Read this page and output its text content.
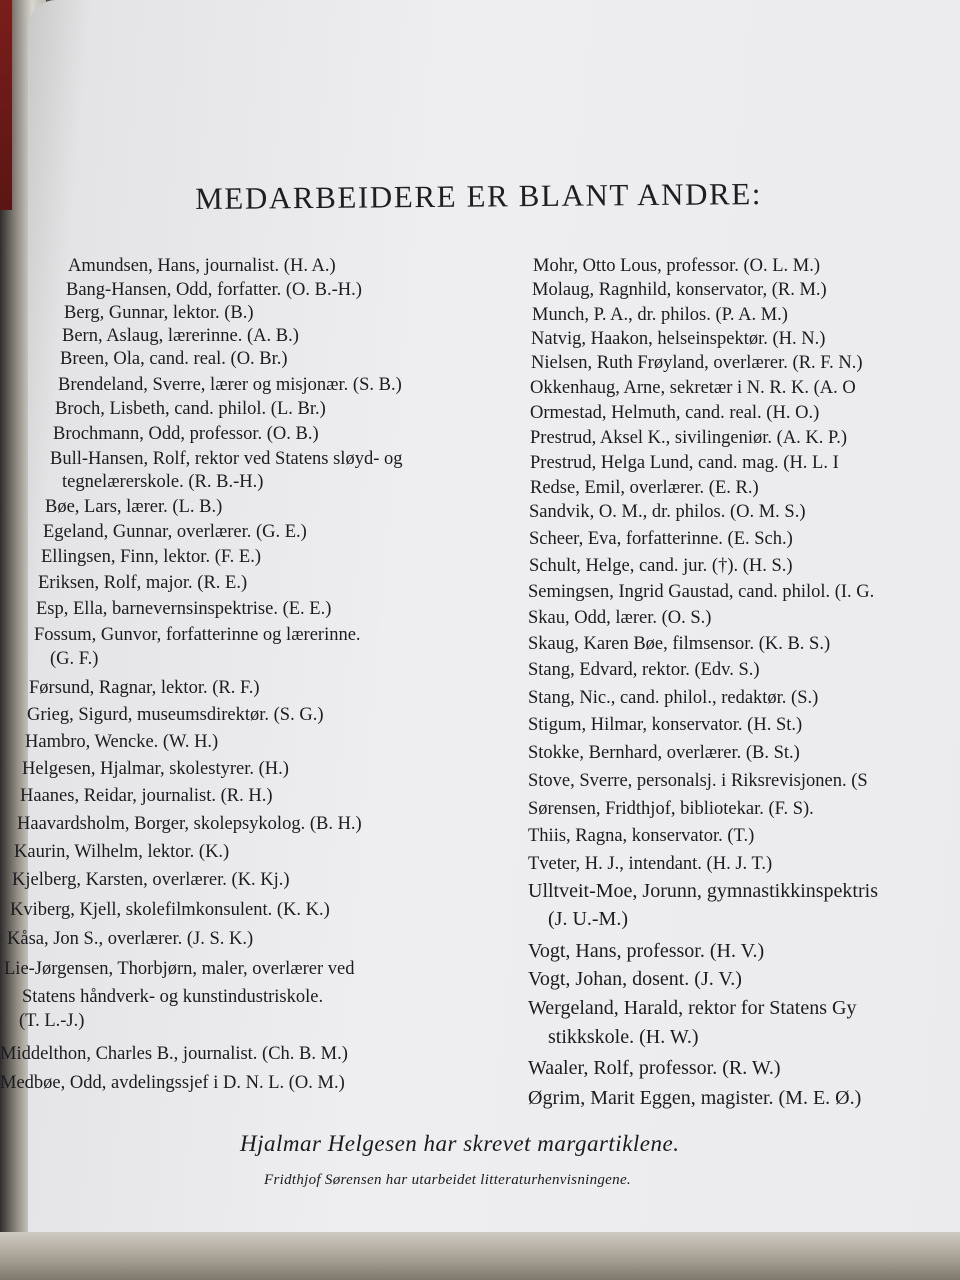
MEDARBEIDERE ER BLANT ANDRE:
Amundsen, Hans, journalist. (H. A.)
Bang-Hansen, Odd, forfatter. (O. B.-H.)
Berg, Gunnar, lektor. (B.)
Bern, Aslaug, lærerinne. (A. B.)
Breen, Ola, cand. real. (O. Br.)
Brendeland, Sverre, lærer og misjonær. (S. B.)
Broch, Lisbeth, cand. philol. (L. Br.)
Brochmann, Odd, professor. (O. B.)
Bull-Hansen, Rolf, rektor ved Statens sløyd- og
tegnelærerskole. (R. B.-H.)
Bøe, Lars, lærer. (L. B.)
Egeland, Gunnar, overlærer. (G. E.)
Ellingsen, Finn, lektor. (F. E.)
Eriksen, Rolf, major. (R. E.)
Esp, Ella, barnevernsinspektrise. (E. E.)
Fossum, Gunvor, forfatterinne og lærerinne.
(G. F.)
Førsund, Ragnar, lektor. (R. F.)
Grieg, Sigurd, museumsdirektør. (S. G.)
Hambro, Wencke. (W. H.)
Helgesen, Hjalmar, skolestyrer. (H.)
Haanes, Reidar, journalist. (R. H.)
Haavardsholm, Borger, skolepsykolog. (B. H.)
Kaurin, Wilhelm, lektor. (K.)
Kjelberg, Karsten, overlærer. (K. Kj.)
Kviberg, Kjell, skolefilmkonsulent. (K. K.)
Kåsa, Jon S., overlærer. (J. S. K.)
Lie-Jørgensen, Thorbjørn, maler, overlærer ved
Statens håndverk- og kunstindustriskole.
(T. L.-J.)
Middelthon, Charles B., journalist. (Ch. B. M.)
Medbøe, Odd, avdelingssjef i D. N. L. (O. M.)
Mohr, Otto Lous, professor. (O. L. M.)
Molaug, Ragnhild, konservator, (R. M.)
Munch, P. A., dr. philos. (P. A. M.)
Natvig, Haakon, helseinspektør. (H. N.)
Nielsen, Ruth Frøyland, overlærer. (R. F. N.)
Okkenhaug, Arne, sekretær i N. R. K. (A. O
Ormestad, Helmuth, cand. real. (H. O.)
Prestrud, Aksel K., sivilingeniør. (A. K. P.)
Prestrud, Helga Lund, cand. mag. (H. L. I
Redse, Emil, overlærer. (E. R.)
Sandvik, O. M., dr. philos. (O. M. S.)
Scheer, Eva, forfatterinne. (E. Sch.)
Schult, Helge, cand. jur. (†). (H. S.)
Semingsen, Ingrid Gaustad, cand. philol. (I. G.
Skau, Odd, lærer. (O. S.)
Skaug, Karen Bøe, filmsensor. (K. B. S.)
Stang, Edvard, rektor. (Edv. S.)
Stang, Nic., cand. philol., redaktør. (S.)
Stigum, Hilmar, konservator. (H. St.)
Stokke, Bernhard, overlærer. (B. St.)
Stove, Sverre, personalsj. i Riksrevisjonen. (S
Sørensen, Fridthjof, bibliotekar. (F. S).
Thiis, Ragna, konservator. (T.)
Tveter, H. J., intendant. (H. J. T.)
Ulltveit-Moe, Jorunn, gymnastikkinspektris
(J. U.-M.)
Vogt, Hans, professor. (H. V.)
Vogt, Johan, dosent. (J. V.)
Wergeland, Harald, rektor for Statens Gy
stikkskole. (H. W.)
Waaler, Rolf, professor. (R. W.)
Øgrim, Marit Eggen, magister. (M. E. Ø.)
Hjalmar Helgesen har skrevet margartiklene.
Fridthjof Sørensen har utarbeidet litteraturhenvisningene.
